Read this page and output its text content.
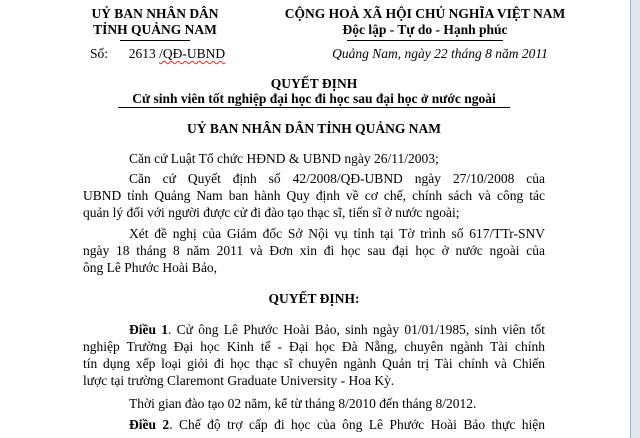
UỶ BAN NHÂN DÂN
TỈNH QUẢNG NAM
Số: 2613 /QĐ-UBND
CỘNG HOÀ XÃ HỘI CHỦ NGHĨA VIỆT NAM
Độc lập - Tự do - Hạnh phúc
Quảng Nam, ngày 22 tháng 8 năm 2011
QUYẾT ĐỊNH
Cử sinh viên tốt nghiệp đại học đi học sau đại học ở nước ngoài
UỶ BAN NHÂN DÂN TỈNH QUẢNG NAM
Căn cứ Luật Tổ chức HĐND & UBND ngày 26/11/2003;
Căn cứ Quyết định số 42/2008/QĐ-UBND ngày 27/10/2008 của
UBND tỉnh Quảng Nam ban hành Quy định về cơ chế, chính sách và công tác
quản lý đối với người được cử đi đào tạo thạc sĩ, tiến sĩ ở nước ngoài;
Xét đề nghị của Giám đốc Sở Nội vụ tỉnh tại Tờ trình số 617/TTr-SNV
ngày 18 tháng 8 năm 2011 và Đơn xin đi học sau đại học ở nước ngoài của
ông Lê Phước Hoài Bảo,
QUYẾT ĐỊNH:
Điều 1. Cử ông Lê Phước Hoài Bảo, sinh ngày 01/01/1985, sinh viên tốt
nghiệp Trường Đại học Kinh tế - Đại học Đà Nẵng, chuyên ngành Tài chính
tín dụng xếp loại giỏi đi học thạc sĩ chuyên ngành Quản trị Tài chính và Chiến
lược tại trường Claremont Graduate University - Hoa Kỳ.
Thời gian đào tạo 02 năm, kể từ tháng 8/2010 đến tháng 8/2012.
Điều 2. Chế độ trợ cấp đi học của ông Lê Phước Hoài Bảo thực hiện
